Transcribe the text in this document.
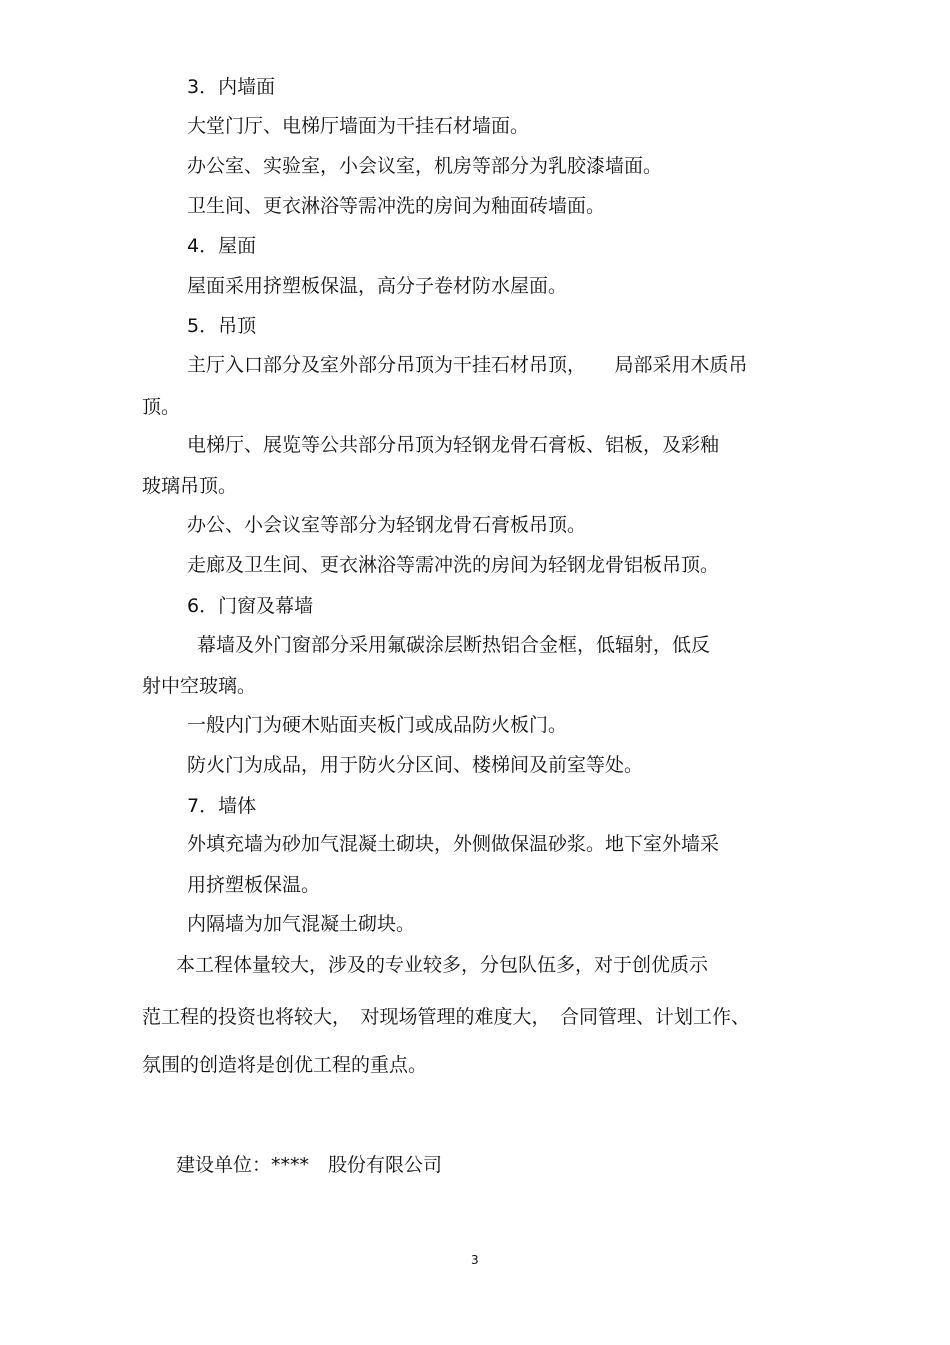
3．内墙面

大堂门厅、电梯厅墙面为干挂石材墙面。

办公室、实验室，小会议室，机房等部分为乳胶漆墙面。

卫生间、更衣淋浴等需冲洗的房间为釉面砖墙面。

4．屋面

屋面采用挤塑板保温，高分子卷材防水屋面。

5．吊顶

主厅入口部分及室外部分吊顶为干挂石材吊顶，　　局部采用木质吊

顶。

电梯厅、展览等公共部分吊顶为轻钢龙骨石膏板、铝板，及彩釉

玻璃吊顶。

办公、小会议室等部分为轻钢龙骨石膏板吊顶。

走廊及卫生间、更衣淋浴等需冲洗的房间为轻钢龙骨铝板吊顶。

6．门窗及幕墙

幕墙及外门窗部分采用氟碳涂层断热铝合金框，低辐射，低反

射中空玻璃。

一般内门为硬木贴面夹板门或成品防火板门。

防火门为成品，用于防火分区间、楼梯间及前室等处。

7．墙体

外填充墙为砂加气混凝土砌块，外侧做保温砂浆。地下室外墙采

用挤塑板保温。

内隔墙为加气混凝土砌块。

本工程体量较大，涉及的专业较多，分包队伍多，对于创优质示

范工程的投资也将较大，　对现场管理的难度大，　合同管理、计划工作、

氛围的创造将是创优工程的重点。

建设单位：****　股份有限公司

3
